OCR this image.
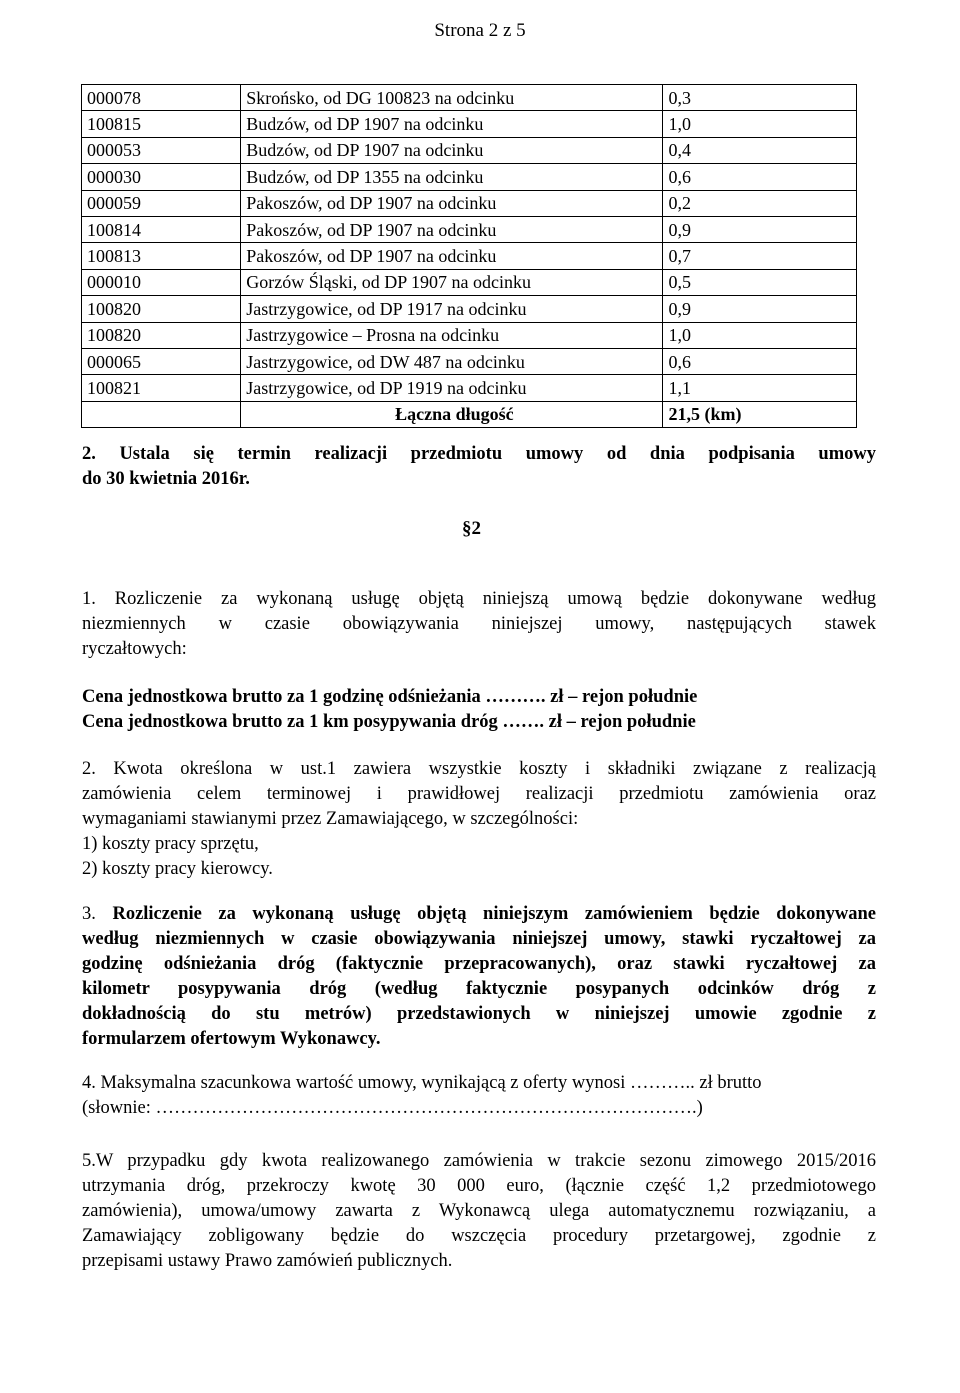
Strona 2 z 5
000078	Skrońsko, od DG 100823 na odcinku	0,3
100815	Budzów, od DP 1907 na odcinku	1,0
000053	Budzów, od DP 1907 na odcinku	0,4
000030	Budzów, od DP 1355 na odcinku	0,6
000059	Pakoszów, od DP 1907 na odcinku	0,2
100814	Pakoszów, od DP 1907 na odcinku	0,9
100813	Pakoszów, od DP 1907 na odcinku	0,7
000010	Gorzów Śląski, od DP 1907 na odcinku	0,5
100820	Jastrzygowice, od DP 1917 na odcinku	0,9
100820	Jastrzygowice – Prosna na odcinku	1,0
000065	Jastrzygowice, od DW 487 na odcinku	0,6
100821	Jastrzygowice, od DP 1919 na odcinku	1,1
	Łączna długość	21,5 (km)
2. Ustala się termin realizacji przedmiotu umowy od dnia podpisania umowy
do 30 kwietnia 2016r.
§2
1. Rozliczenie za wykonaną usługę objętą niniejszą umową będzie dokonywane według
niezmiennych w czasie obowiązywania niniejszej umowy, następujących stawek
ryczałtowych:
Cena jednostkowa brutto za 1 godzinę odśnieżania ………. zł – rejon południe
Cena jednostkowa brutto za 1 km posypywania dróg ……. zł – rejon południe
2. Kwota określona w ust.1 zawiera wszystkie koszty i składniki związane z realizacją
zamówienia celem terminowej i prawidłowej realizacji przedmiotu zamówienia oraz
wymaganiami stawianymi przez Zamawiającego, w szczególności:
1) koszty pracy sprzętu,
2) koszty pracy kierowcy.
3. Rozliczenie za wykonaną usługę objętą niniejszym zamówieniem będzie dokonywane
według niezmiennych w czasie obowiązywania niniejszej umowy, stawki ryczałtowej za
godzinę odśnieżania dróg (faktycznie przepracowanych), oraz stawki ryczałtowej za
kilometr posypywania dróg (według faktycznie posypanych odcinków dróg z
dokładnością do stu metrów) przedstawionych w niniejszej umowie zgodnie z
formularzem ofertowym Wykonawcy.
4. Maksymalna szacunkowa wartość umowy, wynikającą z oferty wynosi ……….. zł brutto
(słownie: …………………………………………………………………………….)
5.W przypadku gdy kwota realizowanego zamówienia w trakcie sezonu zimowego 2015/2016
utrzymania dróg, przekroczy kwotę 30 000 euro, (łącznie część 1,2 przedmiotowego
zamówienia), umowa/umowy zawarta z Wykonawcą ulega automatycznemu rozwiązaniu, a
Zamawiający zobligowany będzie do wszczęcia procedury przetargowej, zgodnie z
przepisami ustawy Prawo zamówień publicznych.
